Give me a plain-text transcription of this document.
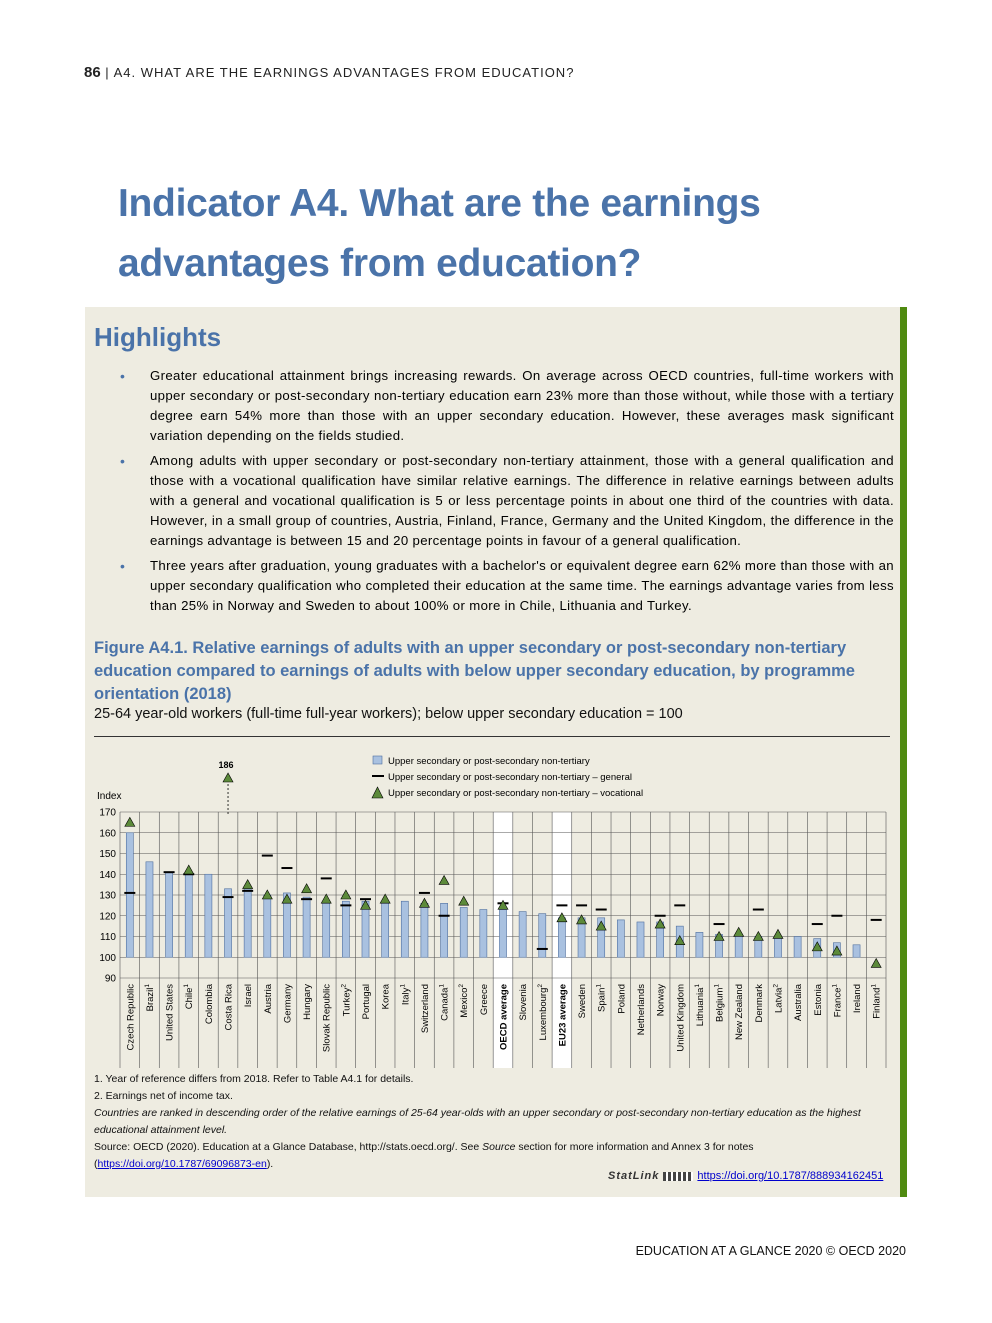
86 | A4. WHAT ARE THE EARNINGS ADVANTAGES FROM EDUCATION?
Indicator A4. What are the earnings advantages from education?
Highlights
• Greater educational attainment brings increasing rewards. On average across OECD countries, full-time workers with upper secondary or post-secondary non-tertiary education earn 23% more than those without, while those with a tertiary degree earn 54% more than those with an upper secondary education. However, these averages mask significant variation depending on the fields studied.
• Among adults with upper secondary or post-secondary non-tertiary attainment, those with a general qualification and those with a vocational qualification have similar relative earnings. The difference in relative earnings between adults with a general and vocational qualification is 5 or less percentage points in about one third of the countries with data. However, in a small group of countries, Austria, Finland, France, Germany and the United Kingdom, the difference in the earnings advantage is between 15 and 20 percentage points in favour of a general qualification.
• Three years after graduation, young graduates with a bachelor's or equivalent degree earn 62% more than those with an upper secondary qualification who completed their education at the same time. The earnings advantage varies from less than 25% in Norway and Sweden to about 100% or more in Chile, Lithuania and Turkey.
Figure A4.1. Relative earnings of adults with an upper secondary or post-secondary non-tertiary education compared to earnings of adults with below upper secondary education, by programme orientation (2018)
25-64 year-old workers (full-time full-year workers); below upper secondary education = 100
90
100
110
120
130
140
150
160
170
Index
186
Czech Republic Brazil$^1$	United States Chile$^1$	Colombia Costa Rica Israel Austria Germany Hungary Slovak Republic Turkey$^2$	Portugal Korea Italy$^1$	Switzerland Canada$^1$
Mexico$^2$	Greece OECD average Slovenia Luxembourg$^2$	EU23 average Sweden Spain$^1$	Poland Netherlands Norway United Kingdom Lithuania$^1$
Belgium$^1$	New Zealand Denmark Latvia$^2$	Australia Estonia France$^1$	Ireland Finland$^1$
Upper secondary or post-secondary non-tertiary
Upper secondary or post-secondary non-tertiary – general
Upper secondary or post-secondary non-tertiary – vocational

1. Year of reference differs from 2018. Refer to Table A4.1 for details.

2. Earnings net of income tax.

Countries are ranked in descending order of the relative earnings of 25-64 year-olds with an upper secondary or post-secondary non-tertiary education as the highest educational attainment level.

Source: OECD (2020). Education at a Glance Database, http://stats.oecd.org/. See Source section for more information and Annex 3 for notes (https://doi.org/10.1787/69096873-en).

StatLink	https://doi.org/10.1787/888934162451
EDUCATION AT A GLANCE 2020 © OECD 2020
